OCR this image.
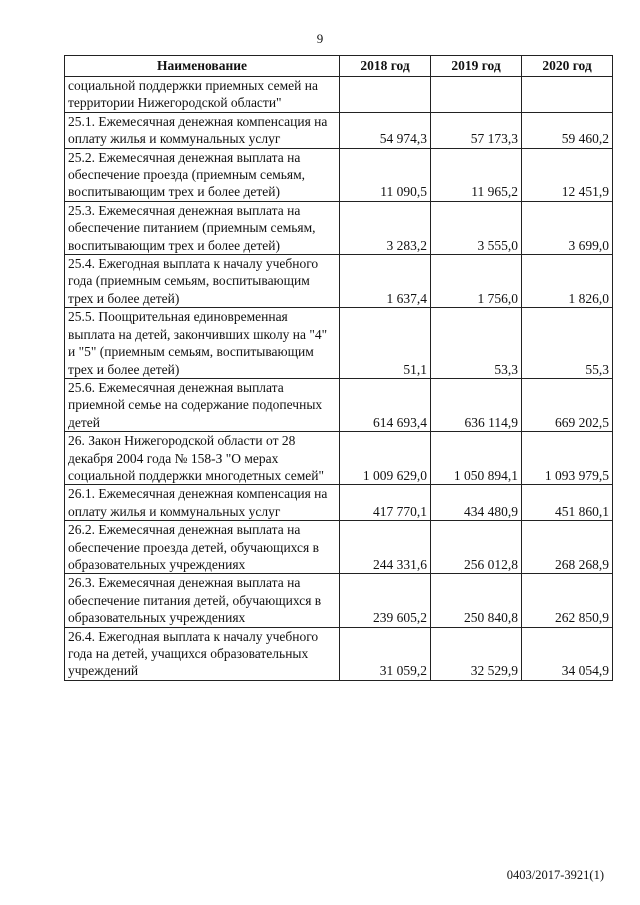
9
Наименование	2018 год	2019 год	2020 год
социальной поддержки приемных семей на территории Нижегородской области"			
25.1. Ежемесячная денежная компенсация на оплату жилья и коммунальных услуг	54 974,3	57 173,3	59 460,2
25.2. Ежемесячная денежная выплата на обеспечение проезда (приемным семьям, воспитывающим трех и более детей)	11 090,5	11 965,2	12 451,9
25.3. Ежемесячная денежная выплата на обеспечение питанием (приемным семьям, воспитывающим трех и более детей)	3 283,2	3 555,0	3 699,0
25.4. Ежегодная выплата к началу учебного года (приемным семьям, воспитывающим трех и более детей)	1 637,4	1 756,0	1 826,0
25.5. Поощрительная единовременная выплата на детей, закончивших школу на "4" и "5" (приемным семьям, воспитывающим трех и более детей)	51,1	53,3	55,3
25.6. Ежемесячная денежная выплата приемной семье на содержание подопечных детей	614 693,4	636 114,9	669 202,5
26. Закон Нижегородской области от 28 декабря 2004 года № 158-З "О мерах социальной поддержки многодетных семей"	1 009 629,0	1 050 894,1	1 093 979,5
26.1. Ежемесячная денежная компенсация на оплату жилья и коммунальных услуг	417 770,1	434 480,9	451 860,1
26.2. Ежемесячная денежная выплата на обеспечение проезда детей, обучающихся в образовательных учреждениях	244 331,6	256 012,8	268 268,9
26.3. Ежемесячная денежная выплата на обеспечение питания детей, обучающихся в образовательных учреждениях	239 605,2	250 840,8	262 850,9
26.4. Ежегодная выплата к началу учебного года на детей, учащихся образовательных учреждений	31 059,2	32 529,9	34 054,9
0403/2017-3921(1)
